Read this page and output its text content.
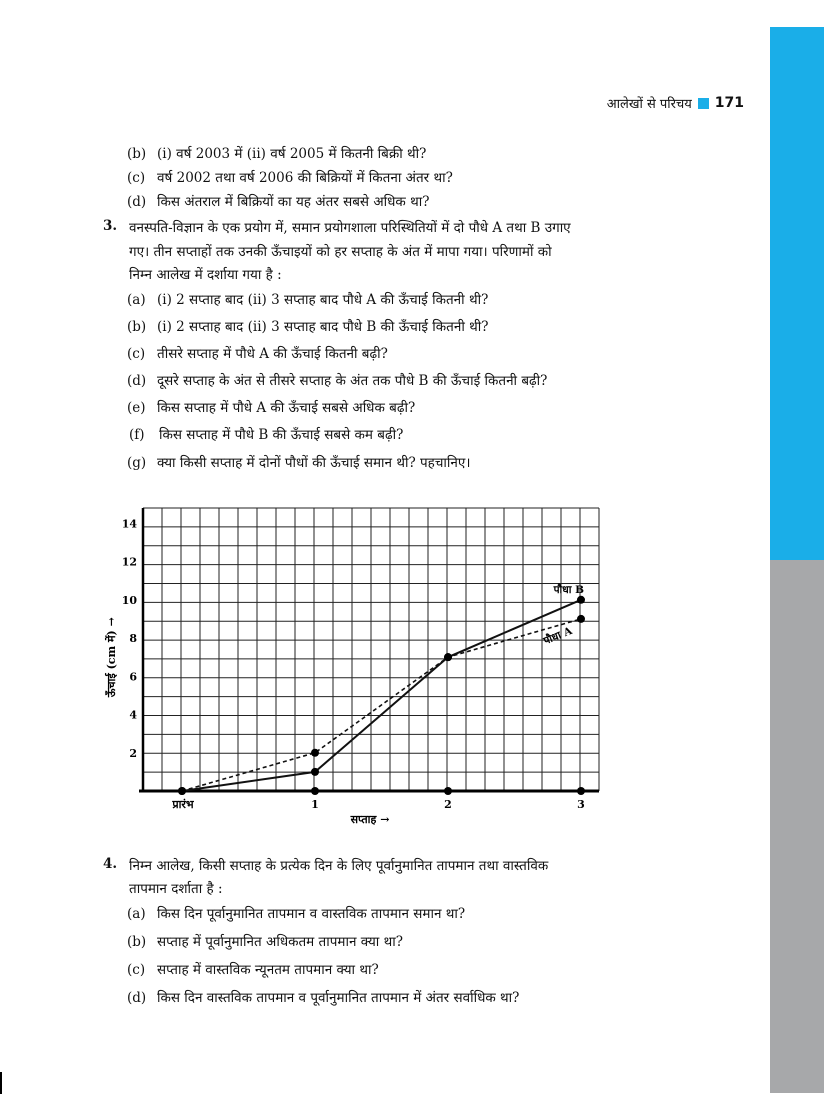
आलेखों से परिचय 171
(b) (i) वर्ष 2003 में (ii) वर्ष 2005 में कितनी बिक्री थी?
(c) वर्ष 2002 तथा वर्ष 2006 की बिक्रियों में कितना अंतर था?
(d) किस अंतराल में बिक्रियों का यह अंतर सबसे अधिक था?
3. वनस्पति-विज्ञान के एक प्रयोग में, समान प्रयोगशाला परिस्थितियों में दो पौधे A तथा B उगाए
गए। तीन सप्ताहों तक उनकी ऊँचाइयों को हर सप्ताह के अंत में मापा गया। परिणामों को
निम्न आलेख में दर्शाया गया है :
(a) (i) 2 सप्ताह बाद (ii) 3 सप्ताह बाद पौधे A की ऊँचाई कितनी थी?
(b) (i) 2 सप्ताह बाद (ii) 3 सप्ताह बाद पौधे B की ऊँचाई कितनी थी?
(c) तीसरे सप्ताह में पौधे A की ऊँचाई कितनी बढ़ी?
(d) दूसरे सप्ताह के अंत से तीसरे सप्ताह के अंत तक पौधे B की ऊँचाई कितनी बढ़ी?
(e) किस सप्ताह में पौधे A की ऊँचाई सबसे अधिक बढ़ी?
(f) किस सप्ताह में पौधे B की ऊँचाई सबसे कम बढ़ी?
(g) क्या किसी सप्ताह में दोनों पौधों की ऊँचाई समान थी? पहचानिए।
2
4
6
8
10
12
14
प्रारंभ	1	2	3
सप्ताह →
ऊँचाई (cm में) →
पौधा B
पौधा A
4. निम्न आलेख, किसी सप्ताह के प्रत्येक दिन के लिए पूर्वानुमानित तापमान तथा वास्तविक
तापमान दर्शाता है :
(a) किस दिन पूर्वानुमानित तापमान व वास्तविक तापमान समान था?
(b) सप्ताह में पूर्वानुमानित अधिकतम तापमान क्या था?
(c) सप्ताह में वास्तविक न्यूनतम तापमान क्या था?
(d) किस दिन वास्तविक तापमान व पूर्वानुमानित तापमान में अंतर सर्वाधिक था?
